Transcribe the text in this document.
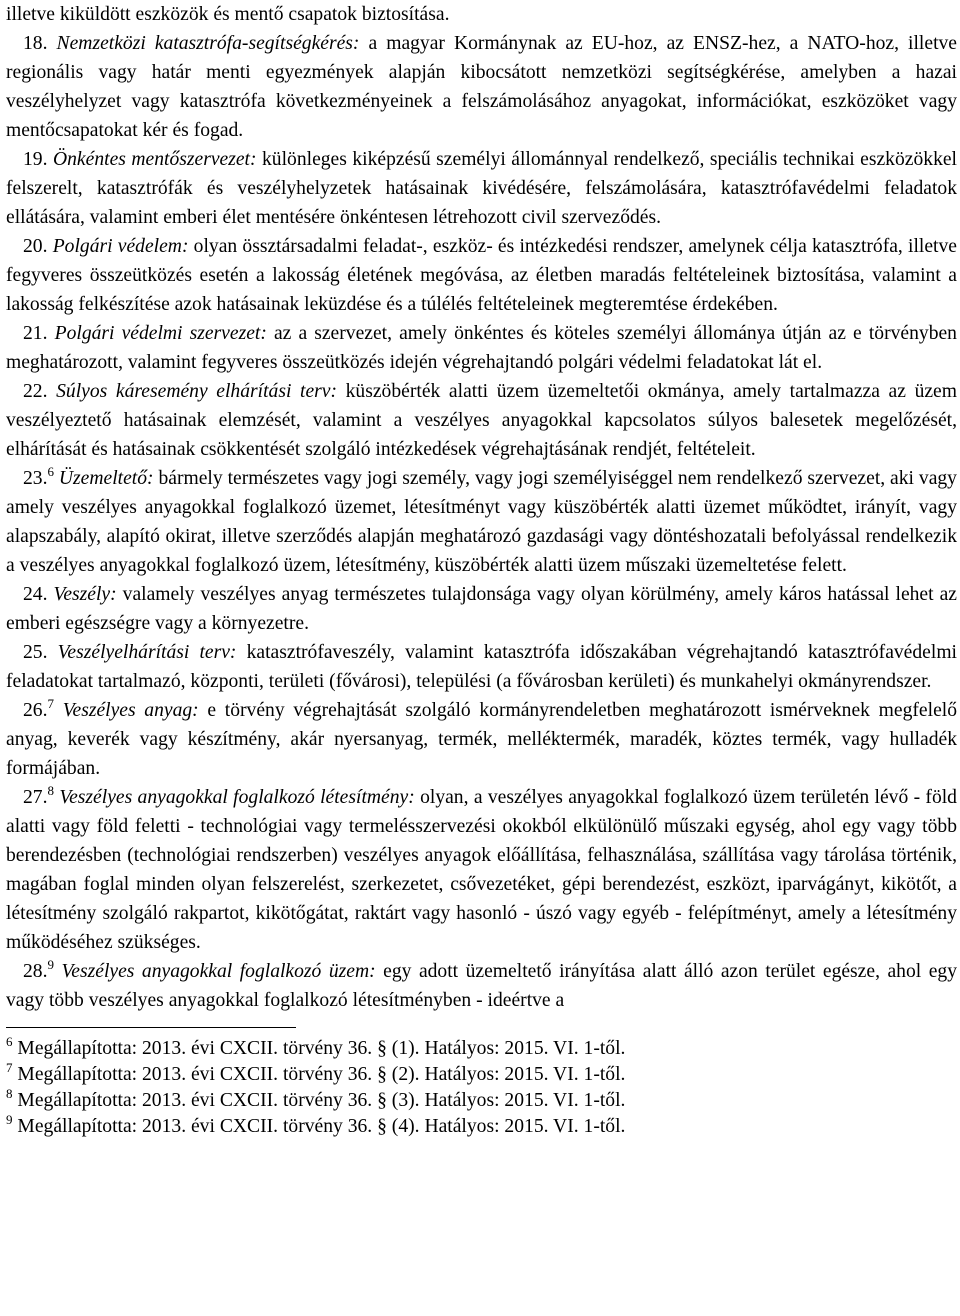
illetve kiküldött eszközök és mentő csapatok biztosítása.

18. Nemzetközi katasztrófa-segítségkérés: a magyar Kormánynak az EU-hoz, az ENSZ-hez, a NATO-hoz, illetve regionális vagy határ menti egyezmények alapján kibocsátott nemzetközi segítségkérése, amelyben a hazai veszélyhelyzet vagy katasztrófa következményeinek a felszámolásához anyagokat, információkat, eszközöket vagy mentőcsapatokat kér és fogad.

19. Önkéntes mentőszervezet: különleges kiképzésű személyi állománnyal rendelkező, speciális technikai eszközökkel felszerelt, katasztrófák és veszélyhelyzetek hatásainak kivédésére, felszámolására, katasztrófavédelmi feladatok ellátására, valamint emberi élet mentésére önkéntesen létrehozott civil szerveződés.

20. Polgári védelem: olyan össztársadalmi feladat-, eszköz- és intézkedési rendszer, amelynek célja katasztrófa, illetve fegyveres összeütközés esetén a lakosság életének megóvása, az életben maradás feltételeinek biztosítása, valamint a lakosság felkészítése azok hatásainak leküzdése és a túlélés feltételeinek megteremtése érdekében.

21. Polgári védelmi szervezet: az a szervezet, amely önkéntes és köteles személyi állománya útján az e törvényben meghatározott, valamint fegyveres összeütközés idején végrehajtandó polgári védelmi feladatokat lát el.

22. Súlyos káresemény elhárítási terv: küszöbérték alatti üzem üzemeltetői okmánya, amely tartalmazza az üzem veszélyeztető hatásainak elemzését, valamint a veszélyes anyagokkal kapcsolatos súlyos balesetek megelőzését, elhárítását és hatásainak csökkentését szolgáló intézkedések végrehajtásának rendjét, feltételeit.

23.$^6$ Üzemeltető: bármely természetes vagy jogi személy, vagy jogi személyiséggel nem rendelkező szervezet, aki vagy amely veszélyes anyagokkal foglalkozó üzemet, létesítményt vagy küszöbérték alatti üzemet működtet, irányít, vagy alapszabály, alapító okirat, illetve szerződés alapján meghatározó gazdasági vagy döntéshozatali befolyással rendelkezik a veszélyes anyagokkal foglalkozó üzem, létesítmény, küszöbérték alatti üzem műszaki üzemeltetése felett.

24. Veszély: valamely veszélyes anyag természetes tulajdonsága vagy olyan körülmény, amely káros hatással lehet az emberi egészségre vagy a környezetre.

25. Veszélyelhárítási terv: katasztrófaveszély, valamint katasztrófa időszakában végrehajtandó katasztrófavédelmi feladatokat tartalmazó, központi, területi (fővárosi), települési (a fővárosban kerületi) és munkahelyi okmányrendszer.

26.$^7$ Veszélyes anyag: e törvény végrehajtását szolgáló kormányrendeletben meghatározott ismérveknek megfelelő anyag, keverék vagy készítmény, akár nyersanyag, termék, melléktermék, maradék, köztes termék, vagy hulladék formájában.

27.$^8$ Veszélyes anyagokkal foglalkozó létesítmény: olyan, a veszélyes anyagokkal foglalkozó üzem területén lévő - föld alatti vagy föld feletti - technológiai vagy termelésszervezési okokból elkülönülő műszaki egység, ahol egy vagy több berendezésben (technológiai rendszerben) veszélyes anyagok előállítása, felhasználása, szállítása vagy tárolása történik, magában foglal minden olyan felszerelést, szerkezetet, csővezetéket, gépi berendezést, eszközt, iparvágányt, kikötőt, a létesítmény szolgáló rakpartot, kikötőgátat, raktárt vagy hasonló - úszó vagy egyéb - felépítményt, amely a létesítmény működéséhez szükséges.

28.$^9$ Veszélyes anyagokkal foglalkozó üzem: egy adott üzemeltető irányítása alatt álló azon terület egésze, ahol egy vagy több veszélyes anyagokkal foglalkozó létesítményben - ideértve a

$^6$ Megállapította: 2013. évi CXCII. törvény 36. § (1). Hatályos: 2015. VI. 1-től.

$^7$ Megállapította: 2013. évi CXCII. törvény 36. § (2). Hatályos: 2015. VI. 1-től.

$^8$ Megállapította: 2013. évi CXCII. törvény 36. § (3). Hatályos: 2015. VI. 1-től.

$^9$ Megállapította: 2013. évi CXCII. törvény 36. § (4). Hatályos: 2015. VI. 1-től.
